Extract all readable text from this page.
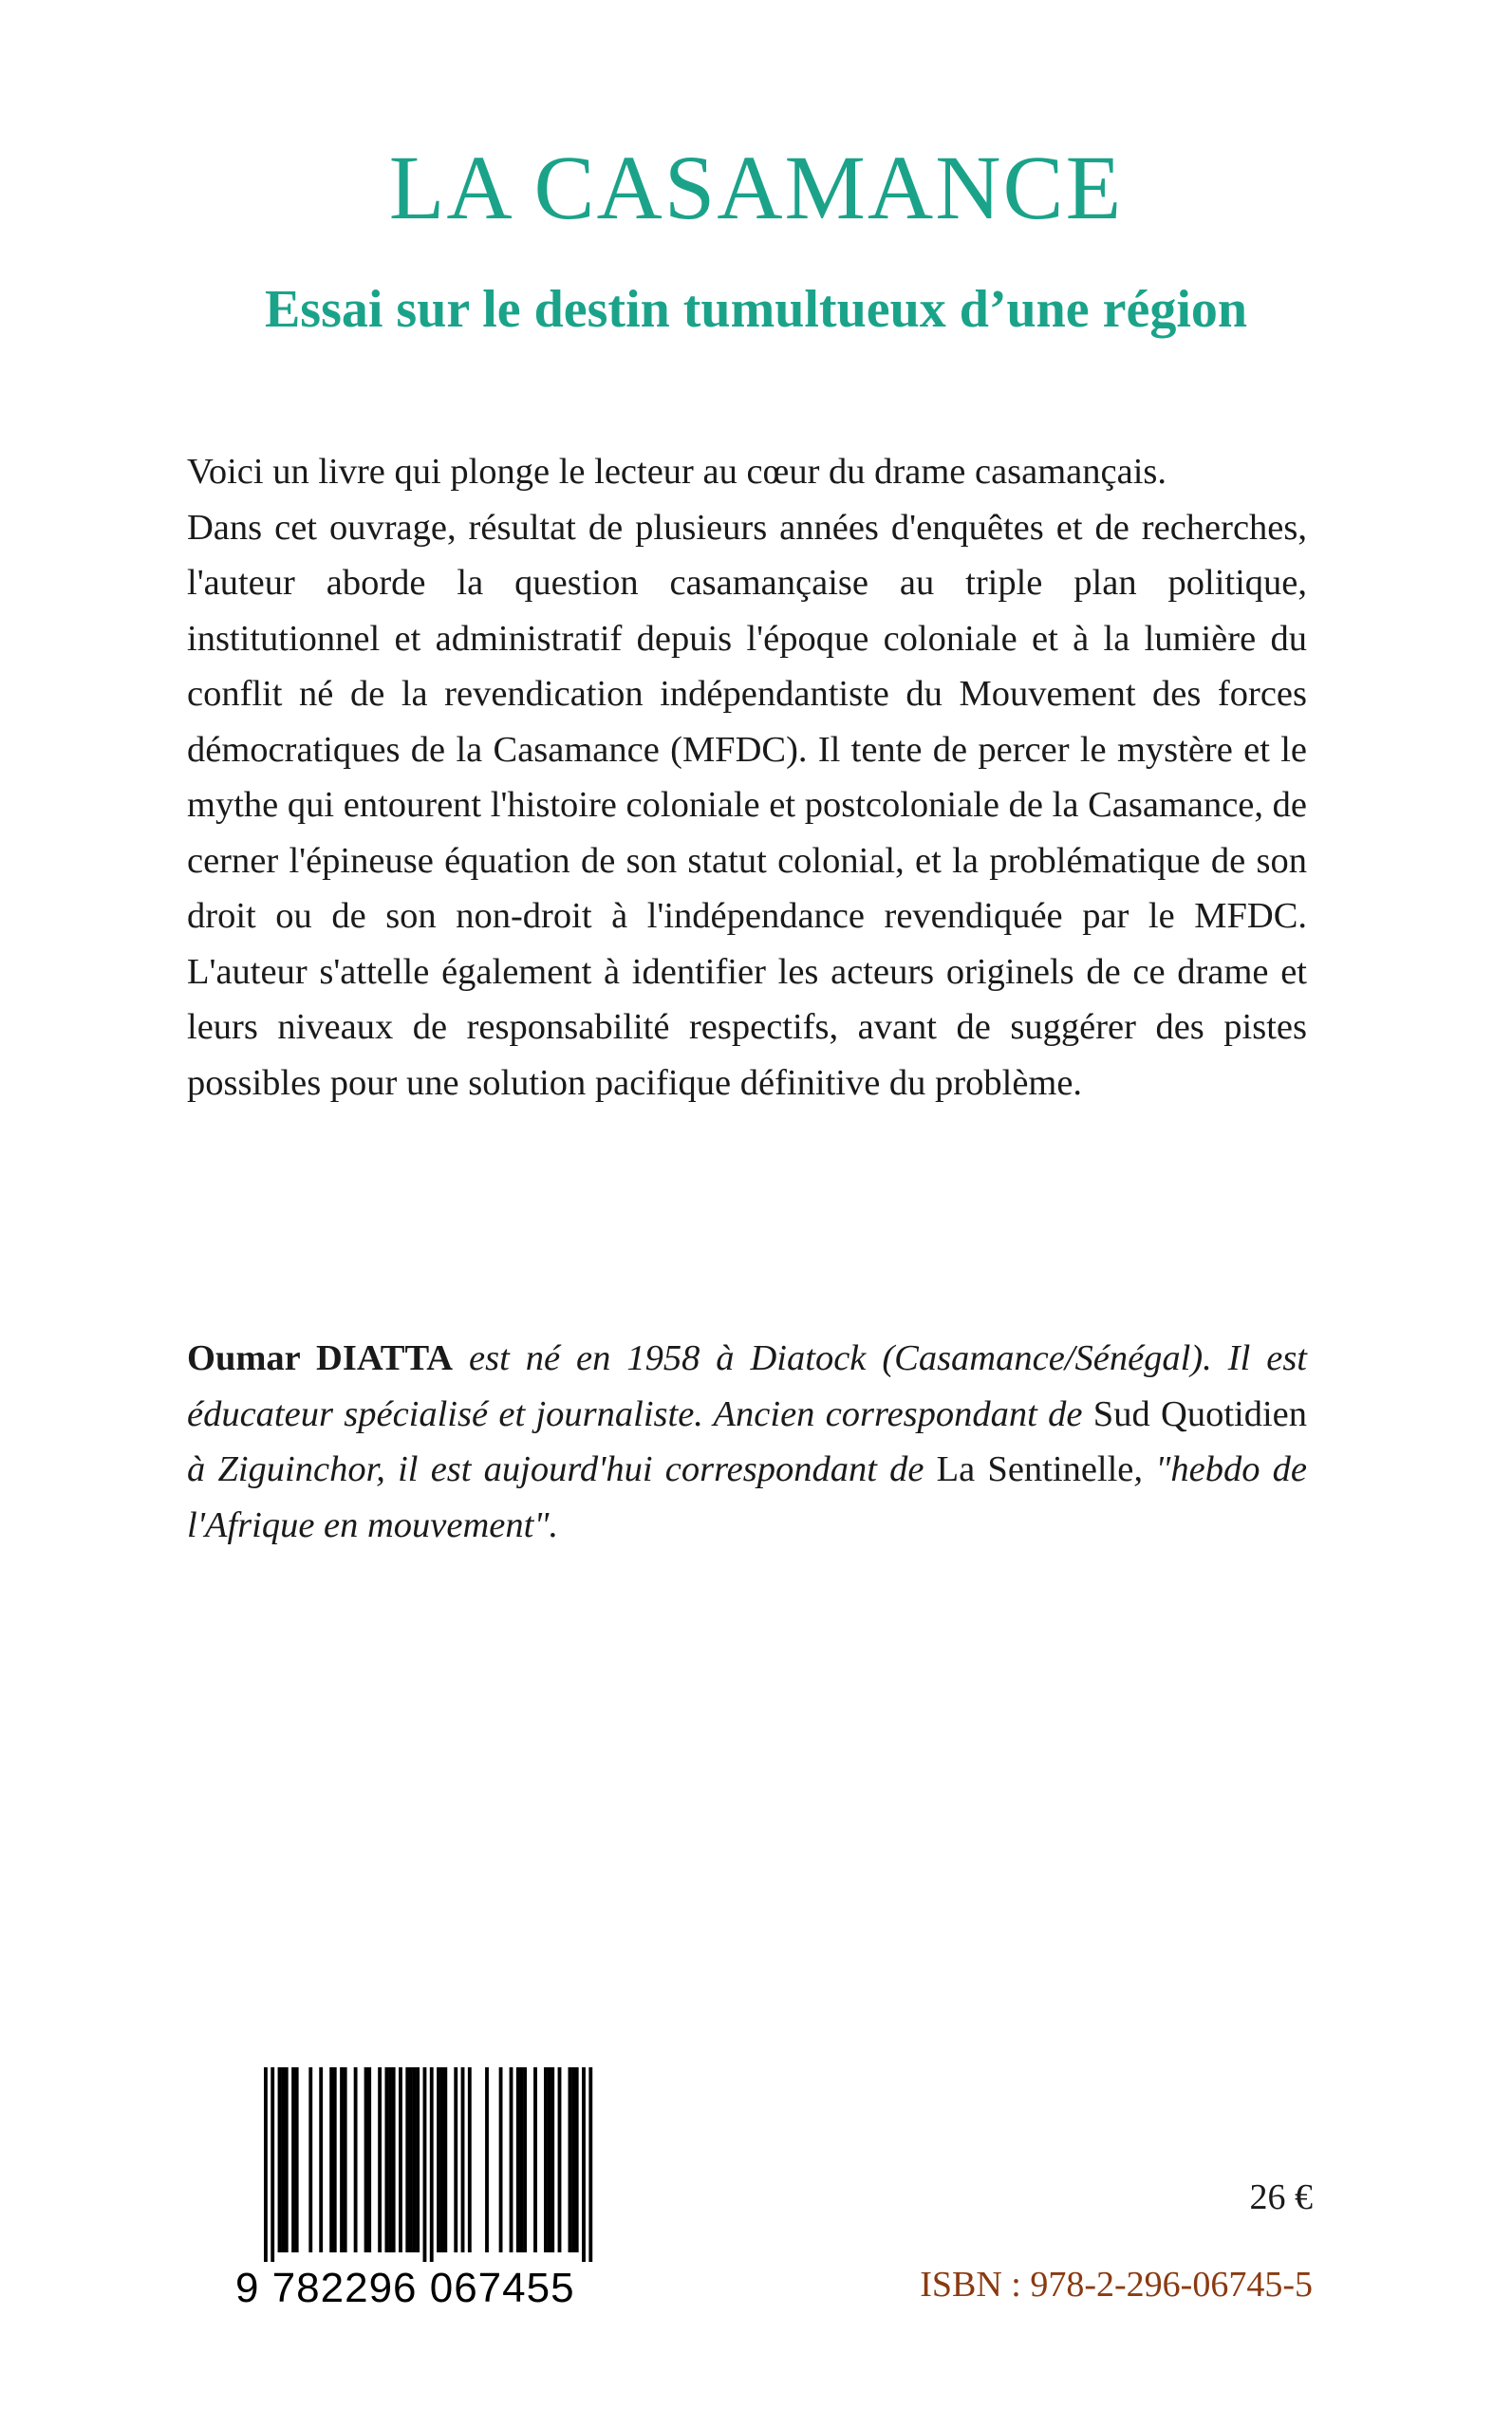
LA CASAMANCE
Essai sur le destin tumultueux d’une région

Voici un livre qui plonge le lecteur au cœur du drame casamançais.

Dans cet ouvrage, résultat de plusieurs années d'enquêtes et de recherches, l'auteur aborde la question casamançaise au triple plan politique, institutionnel et administratif depuis l'époque coloniale et à la lumière du conflit né de la revendication indépendantiste du Mouvement des forces démocratiques de la Casamance (MFDC). Il tente de percer le mystère et le mythe qui entourent l'histoire coloniale et postcoloniale de la Casamance, de cerner l'épineuse équation de son statut colonial, et la problématique de son droit ou de son non-droit à l'indépendance revendiquée par le MFDC. L'auteur s'attelle également à identifier les acteurs originels de ce drame et leurs niveaux de responsabilité respectifs, avant de suggérer des pistes possibles pour une solution pacifique définitive du problème.

Oumar DIATTA est né en 1958 à Diatock (Casamance/Sénégal). Il est éducateur spécialisé et journaliste. Ancien correspondant de Sud Quotidien à Ziguinchor, il est aujourd'hui correspondant de La Sentinelle, "hebdo de l'Afrique en mouvement".

9 782296 067455
26 €
ISBN : 978-2-296-06745-5
